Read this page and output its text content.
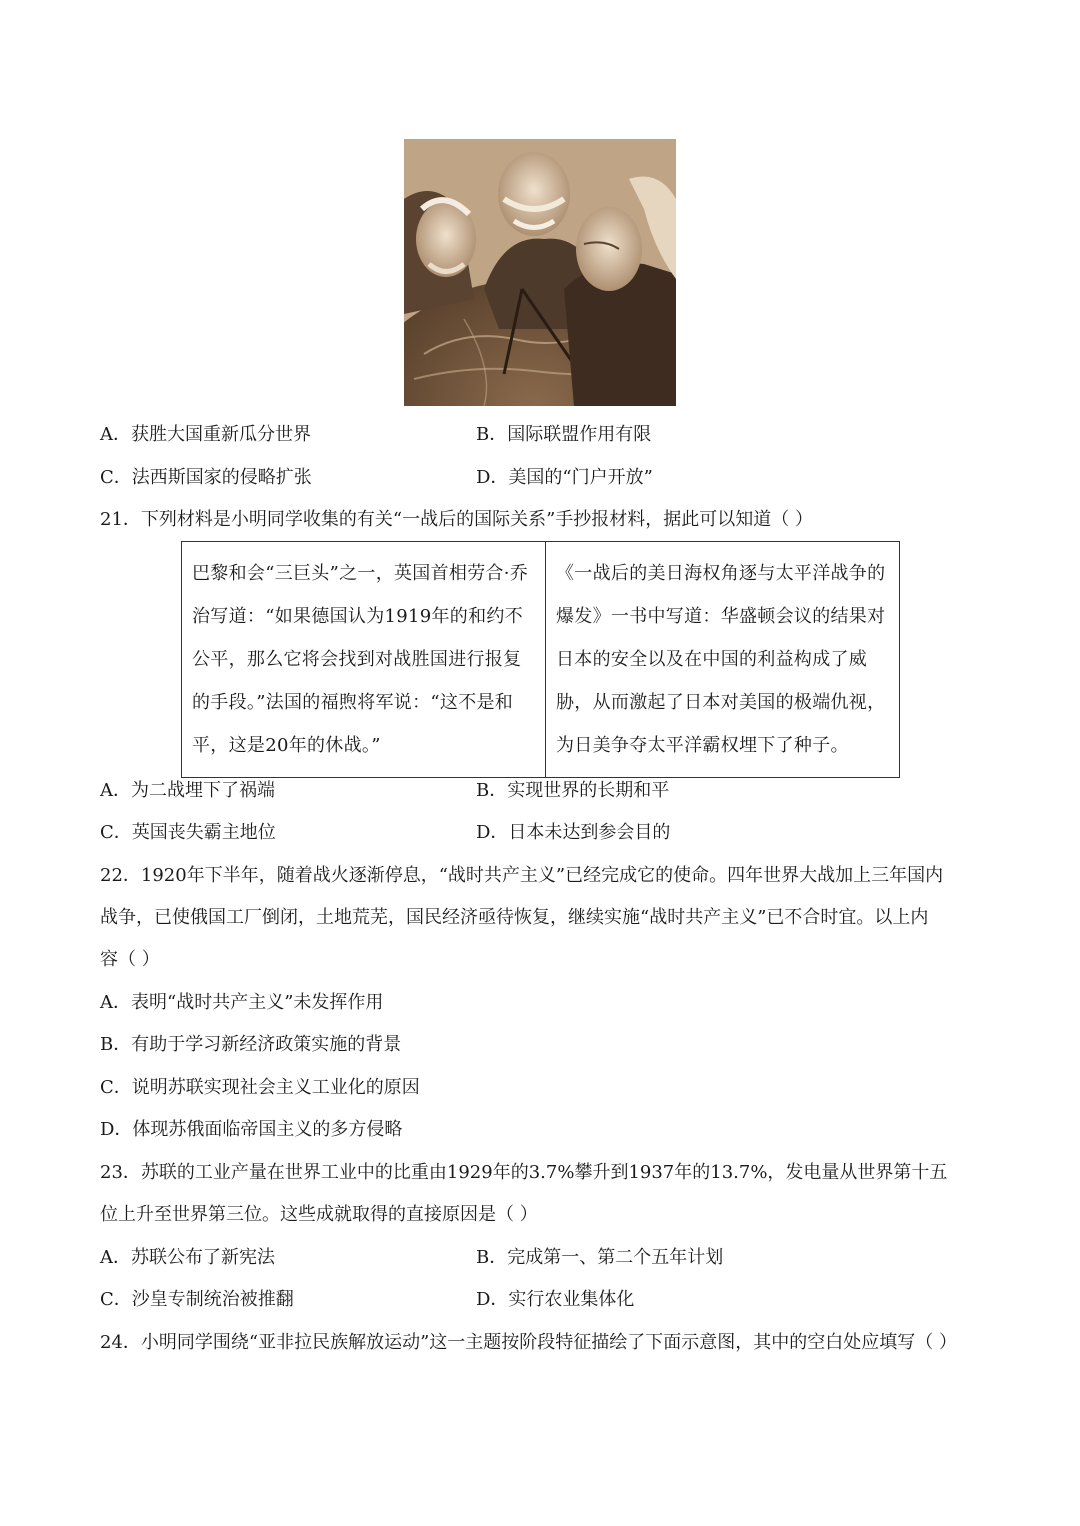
A．获胜大国重新瓜分世界	B．国际联盟作用有限
C．法西斯国家的侵略扩张	D．美国的“门户开放”
21．下列材料是小明同学收集的有关“一战后的国际关系”手抄报材料，据此可以知道（ ）
巴黎和会“三巨头”之一，英国首相劳合·乔治写道：“如果德国认为1919年的和约不公平，那么它将会找到对战胜国进行报复的手段。”法国的福煦将军说：“这不是和平，这是20年的休战。”	《一战后的美日海权角逐与太平洋战争的爆发》一书中写道：华盛顿会议的结果对日本的安全以及在中国的利益构成了威胁，从而激起了日本对美国的极端仇视，为日美争夺太平洋霸权埋下了种子。
A．为二战埋下了祸端	B．实现世界的长期和平
C．英国丧失霸主地位	D．日本未达到参会目的
22．1920年下半年，随着战火逐渐停息，“战时共产主义”已经完成它的使命。四年世界大战加上三年国内
战争，已使俄国工厂倒闭，土地荒芜，国民经济亟待恢复，继续实施“战时共产主义”已不合时宜。以上内
容（ ）
A．表明“战时共产主义”未发挥作用
B．有助于学习新经济政策实施的背景
C．说明苏联实现社会主义工业化的原因
D．体现苏俄面临帝国主义的多方侵略
23．苏联的工业产量在世界工业中的比重由1929年的3.7%攀升到1937年的13.7%，发电量从世界第十五
位上升至世界第三位。这些成就取得的直接原因是（ ）
A．苏联公布了新宪法	B．完成第一、第二个五年计划
C．沙皇专制统治被推翻	D．实行农业集体化
24．小明同学围绕“亚非拉民族解放运动”这一主题按阶段特征描绘了下面示意图，其中的空白处应填写（ ）
